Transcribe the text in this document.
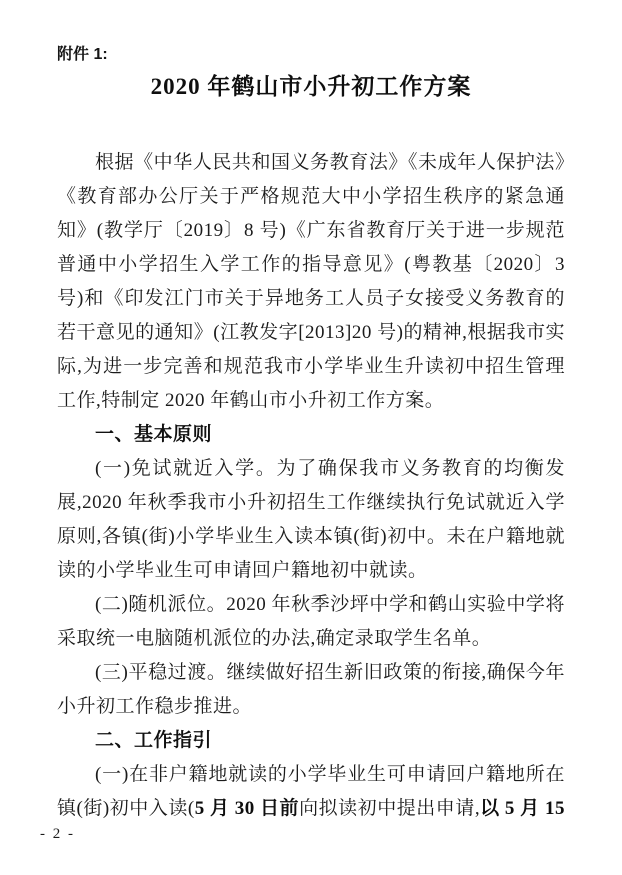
附件 1:
2020 年鹤山市小升初工作方案

根据《中华人民共和国义务教育法》《未成年人保护法》《教育部办公厅关于严格规范大中小学招生秩序的紧急通知》(教学厅〔2019〕8 号)《广东省教育厅关于进一步规范普通中小学招生入学工作的指导意见》(粤教基〔2020〕3 号)和《印发江门市关于异地务工人员子女接受义务教育的若干意见的通知》(江教发字[2013]20 号)的精神,根据我市实际,为进一步完善和规范我市小学毕业生升读初中招生管理工作,特制定 2020 年鹤山市小升初工作方案。

一、基本原则

(一)免试就近入学。为了确保我市义务教育的均衡发展,2020 年秋季我市小升初招生工作继续执行免试就近入学原则,各镇(街)小学毕业生入读本镇(街)初中。未在户籍地就读的小学毕业生可申请回户籍地初中就读。

(二)随机派位。2020 年秋季沙坪中学和鹤山实验中学将采取统一电脑随机派位的办法,确定录取学生名单。

(三)平稳过渡。继续做好招生新旧政策的衔接,确保今年小升初工作稳步推进。

二、工作指引

(一)在非户籍地就读的小学毕业生可申请回户籍地所在镇(街)初中入读(5 月 30 日前向拟读初中提出申请,以 5 月 15

- 2 -
